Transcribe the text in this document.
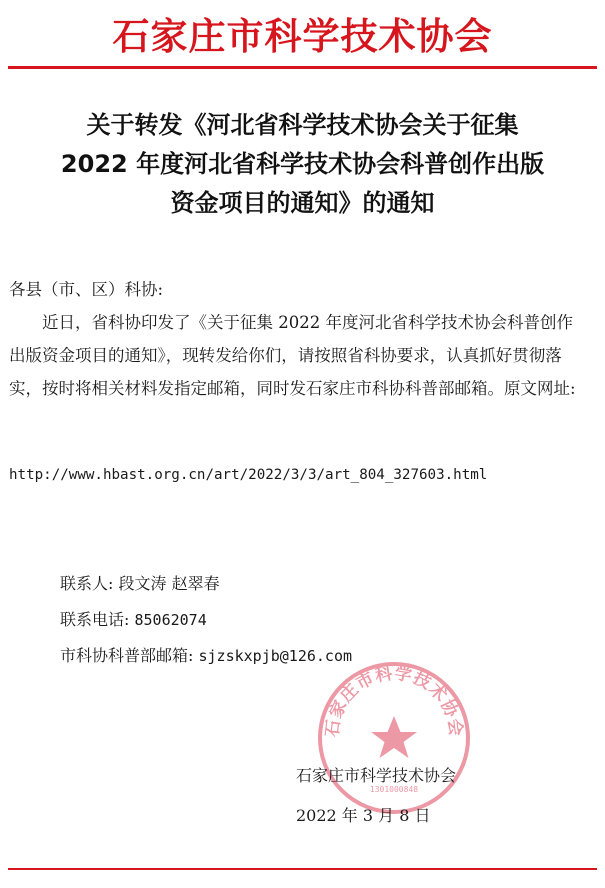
石家庄市科学技术协会
关于转发《河北省科学技术协会关于征集
2022 年度河北省科学技术协会科普创作出版
资金项目的通知》的通知
各县（市、区）科协:
近日，省科协印发了《关于征集 2022 年度河北省科学技术协会科普创作出版资金项目的通知》，现转发给你们，请按照省科协要求，认真抓好贯彻落实，按时将相关材料发指定邮箱，同时发石家庄市科协科普部邮箱。原文网址:
http://www.hbast.org.cn/art/2022/3/3/art_804_327603.html
联系人: 段文涛 赵翠春
联系电话: 85062074
市科协科普部邮箱: sjzskxpjb@126.com
石家庄市科学技术协会
1301000848
石家庄市科学技术协会
2022 年 3 月 8 日
